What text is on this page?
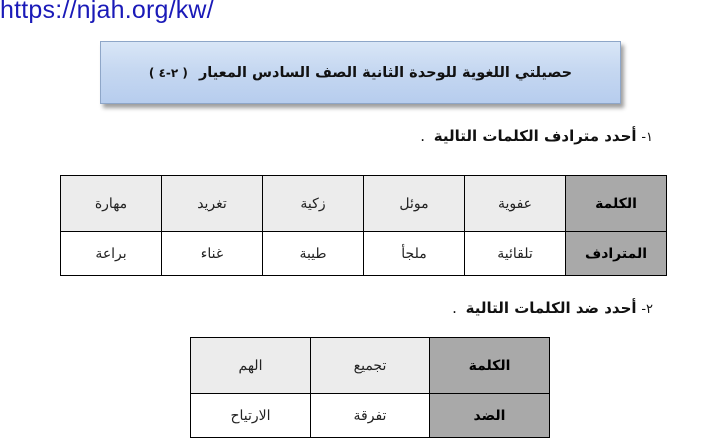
https://njah.org/kw/
حصيلتي اللغوية للوحدة الثانية الصف السادس المعيار ( ٢-٤ )
١- أحدد مترادف الكلمات التالية .
الكلمة	عفوية	موئل	زكية	تغريد	مهارة
المترادف	تلقائية	ملجأ	طيبة	غناء	براعة
٢- أحدد ضد الكلمات التالية .
الكلمة	تجميع	الهم
الضد	تفرقة	الارتياح
